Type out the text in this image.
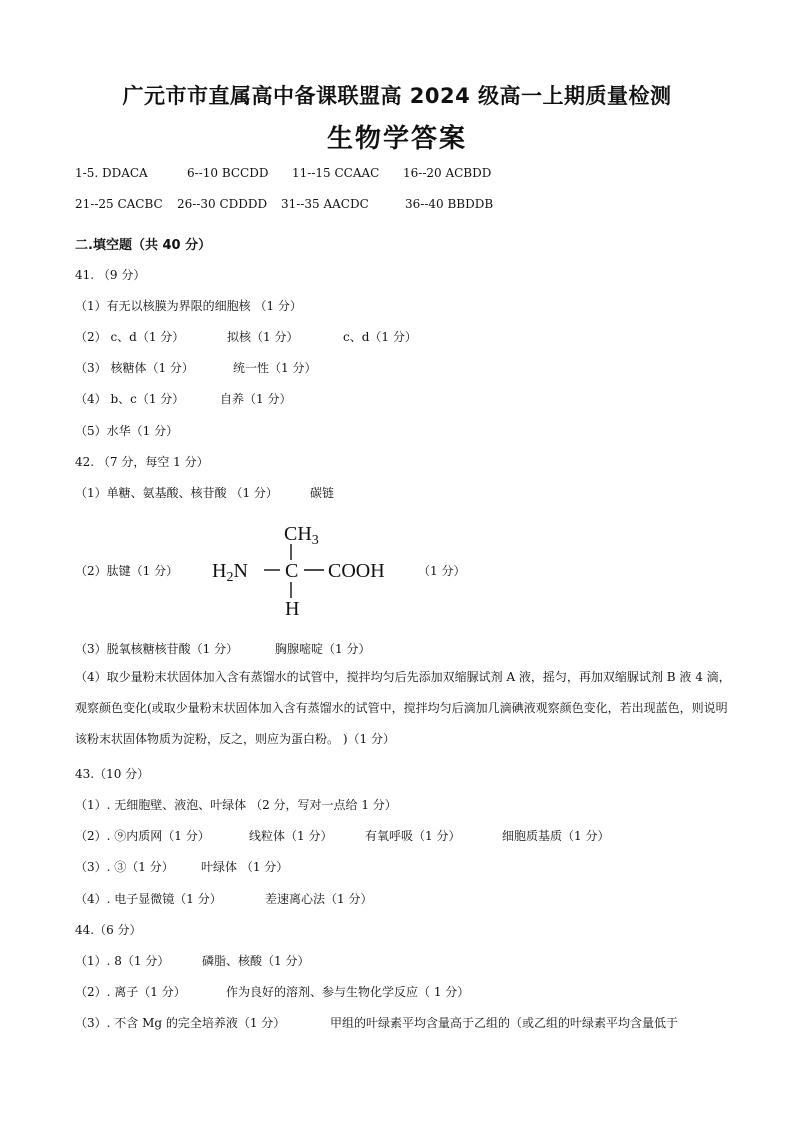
广元市市直属高中备课联盟高 2024 级高一上期质量检测
生物学答案
1-5. DDACA	6--10 BCCDD 11--15 CCAAC 16--20 ACBDD
21--25 CACBC 26--30 CDDDD 31--35 AACDC	36--40 BBDDB
二.填空题（共 40 分）
41. （9 分）
（1）有无以核膜为界限的细胞核 （1 分）
（2） c、d（1 分）	拟核（1 分）	c、d（1 分）
（3） 核糖体（1 分）	统一性（1 分）
（4） b、c（1 分）	自养（1 分）
（5）水华（1 分）
42. （7 分，每空 1 分）
（1）单糖、氨基酸、核苷酸 （1 分）	碳链
（2）肽键（1 分）
$CH_3$
$H_2N$ C COOH
H
（1 分）
（3）脱氧核糖核苷酸（1 分）	胸腺嘧啶（1 分）
（4）取少量粉末状固体加入含有蒸馏水的试管中，搅拌均匀后先添加双缩脲试剂 A 液，摇匀，再加双缩脲试剂 B 液 4 滴，观察颜色变化(或取少量粉末状固体加入含有蒸馏水的试管中，搅拌均匀后滴加几滴碘液观察颜色变化，若出现蓝色，则说明该粉末状固体物质为淀粉，反之，则应为蛋白粉。 )（1 分）
43.（10 分）
（1）. 无细胞壁、液泡、叶绿体 （2 分，写对一点给 1 分）
（2）. ⑨内质网（1 分）	线粒体（1 分）	有氧呼吸（1 分）	细胞质基质（1 分）
（3）. ③（1 分） 叶绿体 （1 分）
（4）. 电子显微镜（1 分）	差速离心法（1 分）
44.（6 分）
（1）. 8（1 分）	磷脂、核酸（1 分）
（2）. 离子（1 分）	作为良好的溶剂、参与生物化学反应（ 1 分）
（3）. 不含 Mg 的完全培养液（1 分）	甲组的叶绿素平均含量高于乙组的（或乙组的叶绿素平均含量低于
